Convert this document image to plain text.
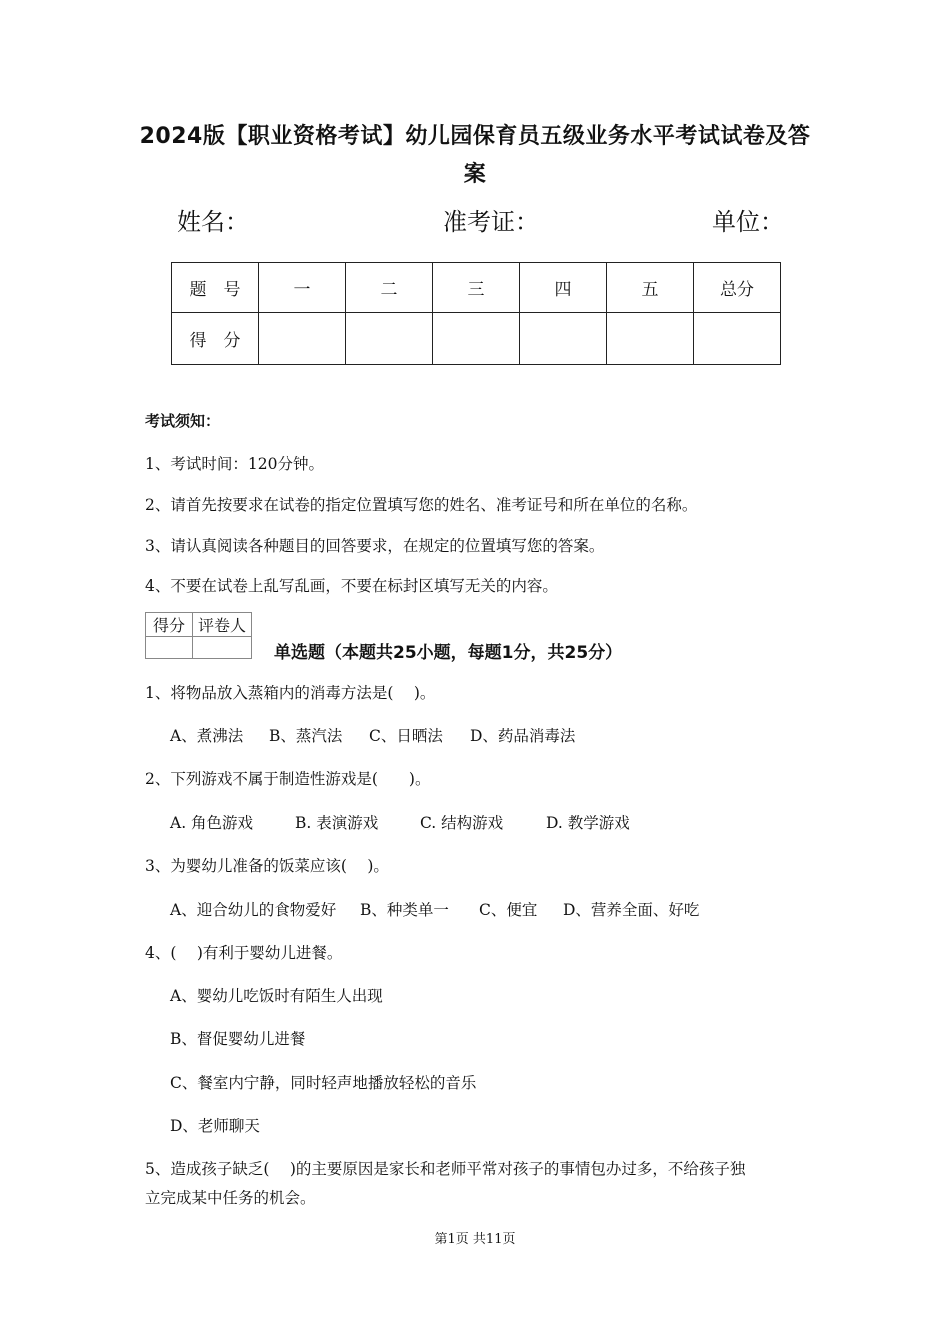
2024版【职业资格考试】幼儿园保育员五级业务水平考试试卷及答案
姓名：	准考证：	单位：
题　号	一	二	三	四	五	总分
得　分						
考试须知：
1、考试时间：120分钟。
2、请首先按要求在试卷的指定位置填写您的姓名、准考证号和所在单位的名称。
3、请认真阅读各种题目的回答要求，在规定的位置填写您的答案。
4、不要在试卷上乱写乱画，不要在标封区填写无关的内容。
得分	评卷人

单选题（本题共25小题，每题1分，共25分）
1、将物品放入蒸箱内的消毒方法是(　 )。
A、煮沸法 B、蒸汽法 C、日晒法 D、药品消毒法
2、下列游戏不属于制造性游戏是(　　)。
A. 角色游戏	B. 表演游戏	C. 结构游戏	D. 教学游戏
3、为婴幼儿准备的饭菜应该(　 )。
A、迎合幼儿的食物爱好 B、种类单一 C、便宜 D、营养全面、好吃
4、(　 )有利于婴幼儿进餐。
A、婴幼儿吃饭时有陌生人出现
B、督促婴幼儿进餐
C、餐室内宁静，同时轻声地播放轻松的音乐
D、老师聊天
5、造成孩子缺乏(　 )的主要原因是家长和老师平常对孩子的事情包办过多，不给孩子独
立完成某中任务的机会。
第1页 共11页
